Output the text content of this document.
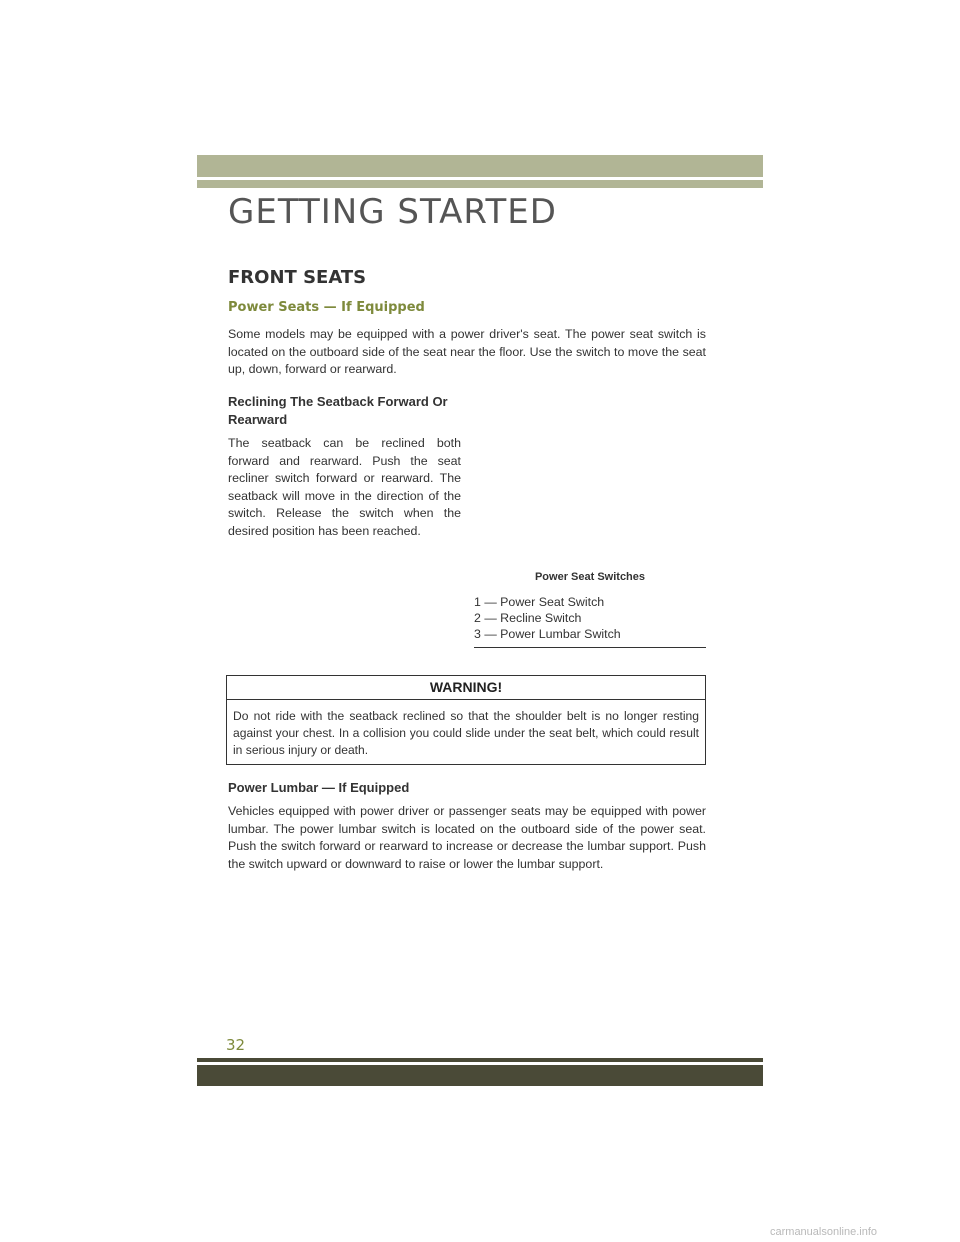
GETTING STARTED
FRONT SEATS
Power Seats — If Equipped
Some models may be equipped with a power driver's seat. The power seat switch is located on the outboard side of the seat near the floor. Use the switch to move the seat up, down, forward or rearward.
Reclining The Seatback Forward Or Rearward
The seatback can be reclined both forward and rearward. Push the seat recliner switch forward or rearward. The seatback will move in the direction of the switch. Release the switch when the desired position has been reached.
Power Seat Switches
1 — Power Seat Switch
2 — Recline Switch
3 — Power Lumbar Switch
WARNING!
Do not ride with the seatback reclined so that the shoulder belt is no longer resting against your chest. In a collision you could slide under the seat belt, which could result in serious injury or death.
Power Lumbar — If Equipped
Vehicles equipped with power driver or passenger seats may be equipped with power lumbar. The power lumbar switch is located on the outboard side of the power seat. Push the switch forward or rearward to increase or decrease the lumbar support. Push the switch upward or downward to raise or lower the lumbar support.
32
carmanualsonline.info
